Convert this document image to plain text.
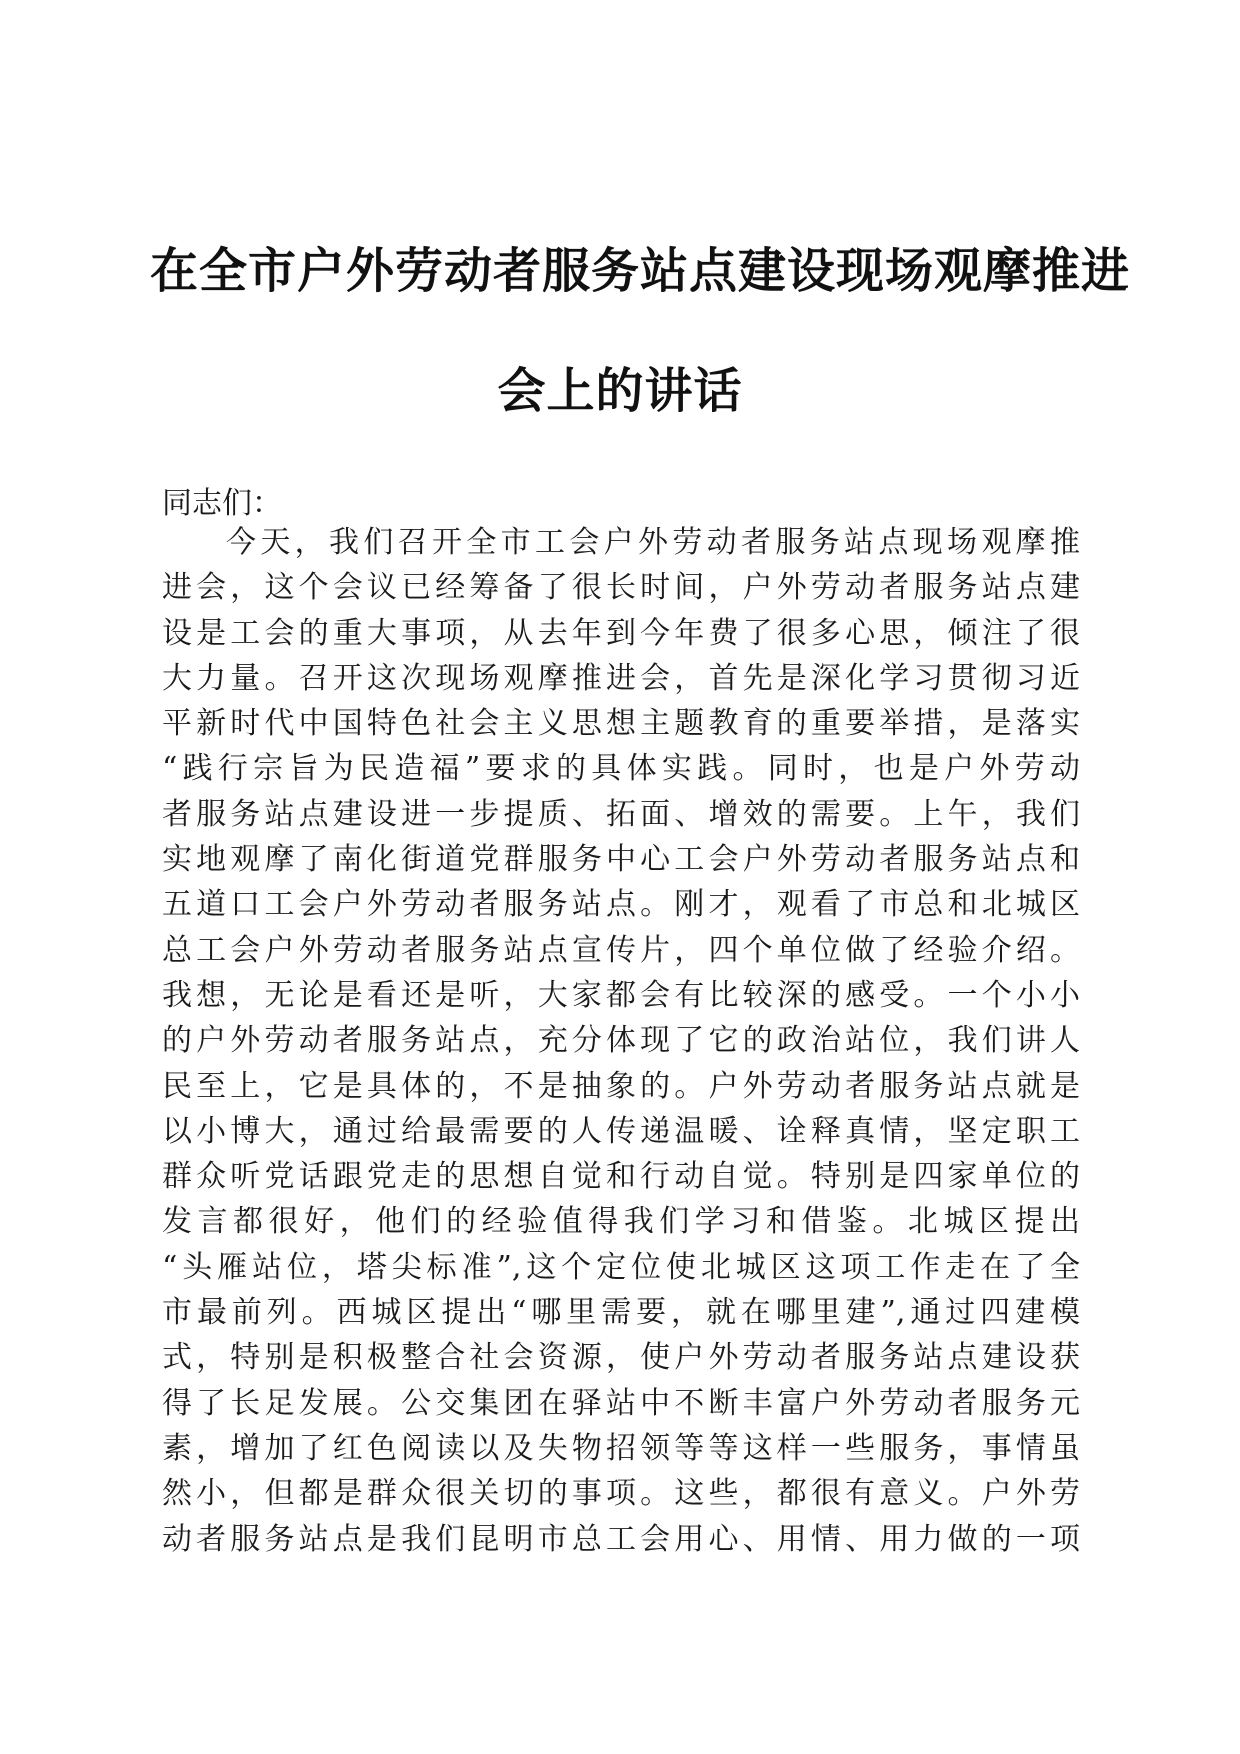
在全市户外劳动者服务站点建设现场观摩推进
会上的讲话
同志们：
今天，我们召开全市工会户外劳动者服务站点现场观摩推
进会，这个会议已经筹备了很长时间，户外劳动者服务站点建
设是工会的重大事项，从去年到今年费了很多心思，倾注了很
大力量。召开这次现场观摩推进会，首先是深化学习贯彻习近
平新时代中国特色社会主义思想主题教育的重要举措，是落实
“践行宗旨为民造福”要求的具体实践。同时，也是户外劳动
者服务站点建设进一步提质、拓面、增效的需要。上午，我们
实地观摩了南化街道党群服务中心工会户外劳动者服务站点和
五道口工会户外劳动者服务站点。刚才，观看了市总和北城区
总工会户外劳动者服务站点宣传片，四个单位做了经验介绍。
我想，无论是看还是听，大家都会有比较深的感受。一个小小
的户外劳动者服务站点，充分体现了它的政治站位，我们讲人
民至上，它是具体的，不是抽象的。户外劳动者服务站点就是
以小博大，通过给最需要的人传递温暖、诠释真情，坚定职工
群众听党话跟党走的思想自觉和行动自觉。特别是四家单位的
发言都很好，他们的经验值得我们学习和借鉴。北城区提出
“头雁站位，塔尖标准”,这个定位使北城区这项工作走在了全
市最前列。西城区提出“哪里需要，就在哪里建”,通过四建模
式，特别是积极整合社会资源，使户外劳动者服务站点建设获
得了长足发展。公交集团在驿站中不断丰富户外劳动者服务元
素，增加了红色阅读以及失物招领等等这样一些服务，事情虽
然小，但都是群众很关切的事项。这些，都很有意义。户外劳
动者服务站点是我们昆明市总工会用心、用情、用力做的一项
